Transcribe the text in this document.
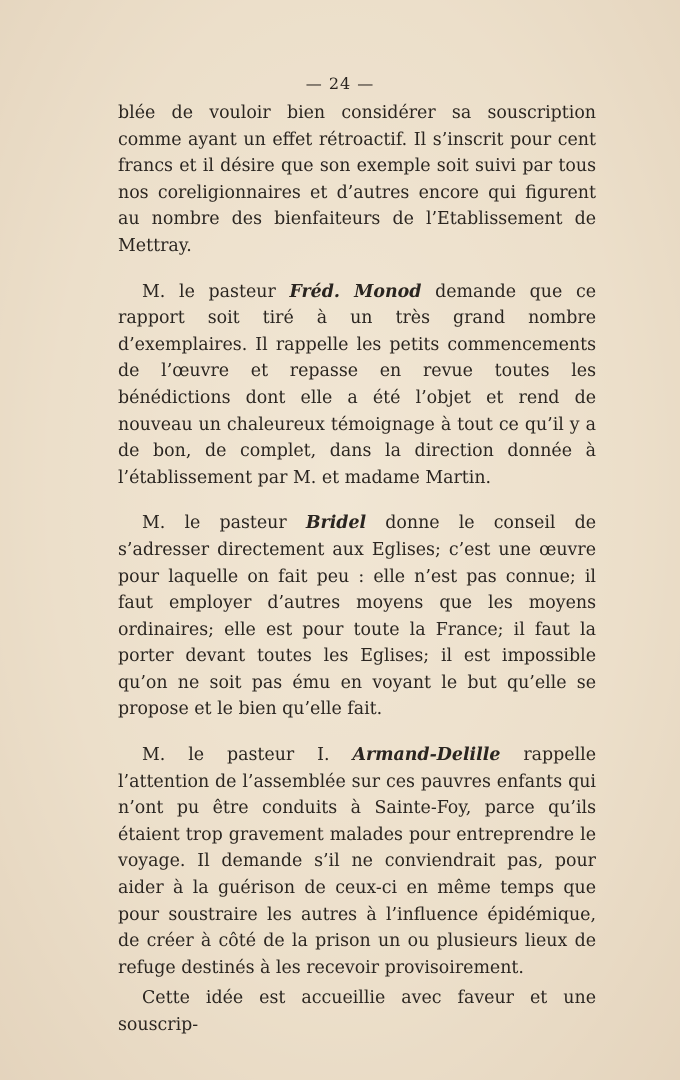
— 24 —

blée de vouloir bien considérer sa souscription comme ayant un effet rétroactif. Il s’inscrit pour cent francs et il désire que son exemple soit suivi par tous nos coreligionnaires et d’autres encore qui figurent au nombre des bienfaiteurs de l’Etablissement de Mettray.

M. le pasteur Fréd. Monod demande que ce rapport soit tiré à un très grand nombre d’exemplaires. Il rappelle les petits commencements de l’œuvre et repasse en revue toutes les bénédictions dont elle a été l’objet et rend de nouveau un chaleureux témoignage à tout ce qu’il y a de bon, de complet, dans la direction donnée à l’établissement par M. et madame Martin.

M. le pasteur Bridel donne le conseil de s’adresser directement aux Eglises; c’est une œuvre pour laquelle on fait peu : elle n’est pas connue; il faut employer d’autres moyens que les moyens ordinaires; elle est pour toute la France; il faut la porter devant toutes les Eglises; il est impossible qu’on ne soit pas ému en voyant le but qu’elle se propose et le bien qu’elle fait.

M. le pasteur I. Armand-Delille rappelle l’attention de l’assemblée sur ces pauvres enfants qui n’ont pu être conduits à Sainte-Foy, parce qu’ils étaient trop gravement malades pour entreprendre le voyage. Il demande s’il ne conviendrait pas, pour aider à la guérison de ceux-ci en même temps que pour soustraire les autres à l’influence épidémique, de créer à côté de la prison un ou plusieurs lieux de refuge destinés à les recevoir provisoirement.

Cette idée est accueillie avec faveur et une souscrip-
